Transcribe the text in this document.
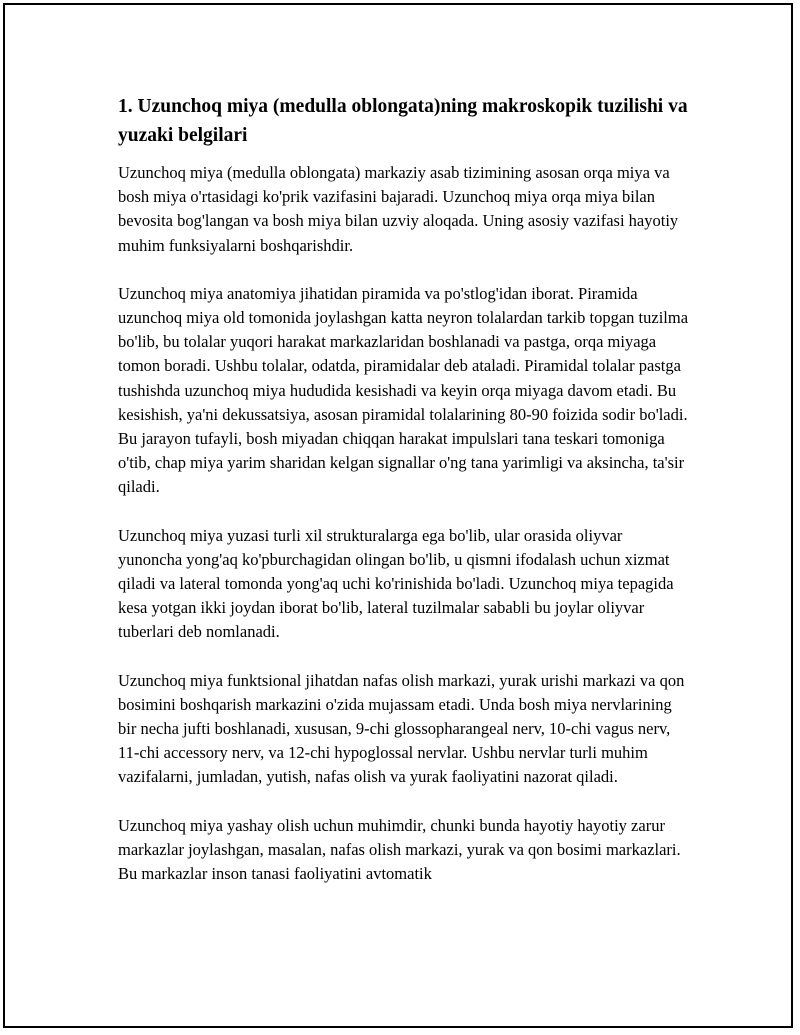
1. Uzunchoq miya (medulla oblongata)ning makroskopik tuzilishi va yuzaki belgilari

Uzunchoq miya (medulla oblongata) markaziy asab tizimining asosan orqa miya va bosh miya o'rtasidagi ko'prik vazifasini bajaradi. Uzunchoq miya orqa miya bilan bevosita bog'langan va bosh miya bilan uzviy aloqada. Uning asosiy vazifasi hayotiy muhim funksiyalarni boshqarishdir.

Uzunchoq miya anatomiya jihatidan piramida va po'stlog'idan iborat. Piramida uzunchoq miya old tomonida joylashgan katta neyron tolalardan tarkib topgan tuzilma bo'lib, bu tolalar yuqori harakat markazlaridan boshlanadi va pastga, orqa miyaga tomon boradi. Ushbu tolalar, odatda, piramidalar deb ataladi. Piramidal tolalar pastga tushishda uzunchoq miya hududida kesishadi va keyin orqa miyaga davom etadi. Bu kesishish, ya'ni dekussatsiya, asosan piramidal tolalarining 80-90 foizida sodir bo'ladi. Bu jarayon tufayli, bosh miyadan chiqqan harakat impulslari tana teskari tomoniga o'tib, chap miya yarim sharidan kelgan signallar o'ng tana yarimligi va aksincha, ta'sir qiladi.

Uzunchoq miya yuzasi turli xil strukturalarga ega bo'lib, ular orasida oliyvar yunoncha yong'aq ko'pburchagidan olingan bo'lib, u qismni ifodalash uchun xizmat qiladi va lateral tomonda yong'aq uchi ko'rinishida bo'ladi. Uzunchoq miya tepagida kesa yotgan ikki joydan iborat bo'lib, lateral tuzilmalar sababli bu joylar oliyvar tuberlari deb nomlanadi.

Uzunchoq miya funktsional jihatdan nafas olish markazi, yurak urishi markazi va qon bosimini boshqarish markazini o'zida mujassam etadi. Unda bosh miya nervlarining bir necha jufti boshlanadi, xususan, 9-chi glossopharangeal nerv, 10-chi vagus nerv, 11-chi accessory nerv, va 12-chi hypoglossal nervlar. Ushbu nervlar turli muhim vazifalarni, jumladan, yutish, nafas olish va yurak faoliyatini nazorat qiladi.

Uzunchoq miya yashay olish uchun muhimdir, chunki bunda hayotiy hayotiy zarur markazlar joylashgan, masalan, nafas olish markazi, yurak va qon bosimi markazlari. Bu markazlar inson tanasi faoliyatini avtomatik
